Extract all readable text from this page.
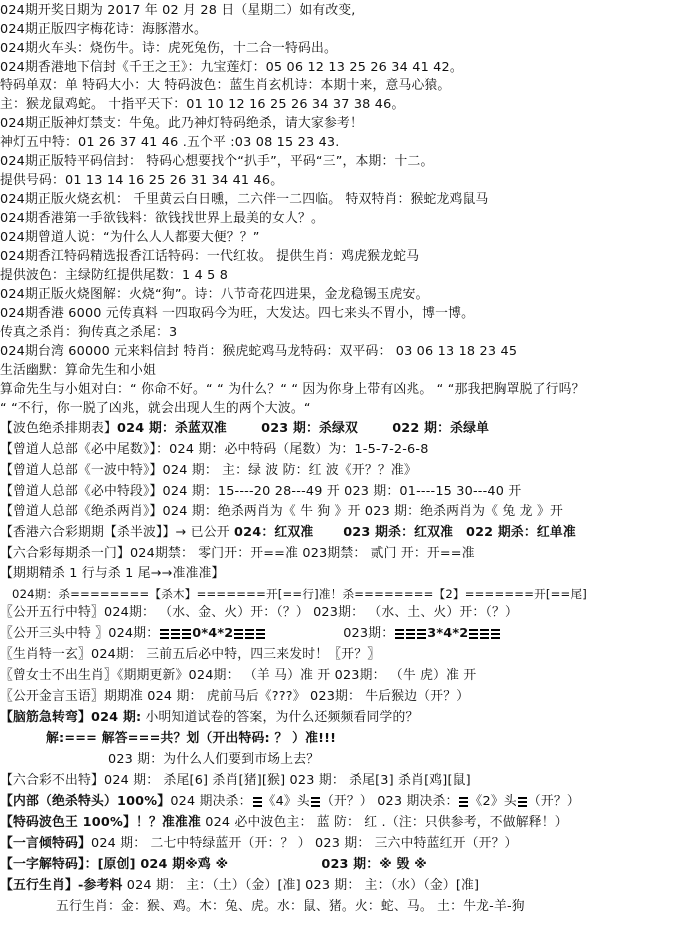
024期开奖日期为 2017 年 02 月 28 日（星期二）如有改变,
024期正版四字梅花诗：海豚潜水。
024期火车头：烧伤牛。诗：虎死兔伤，十二合一特码出。
024期香港地下信封《千王之王》：九宝莲灯：05 06 12 13 25 26 34 41 42。
特码单双：单 特码大小：大 特码波色：蓝生肖玄机诗：本期十来，意马心猿。
主：猴龙鼠鸡蛇。 十指平天下：01 10 12 16 25 26 34 37 38 46。
024期正版神灯禁支：牛兔。此乃神灯特码绝杀，请大家参考！
神灯五中特：01 26 37 41 46 .五个平 :03 08 15 23 43.
024期正版特平码信封： 特码心想要找个“扒手”，平码“三”，本期：十二。
提供号码：01 13 14 16 25 26 31 34 41 46。
024期正版火烧玄机： 千里黄云白日曛，二六伴一二四临。 特双特肖：猴蛇龙鸡鼠马
024期香港第一手欲钱料：欲钱找世界上最美的女人？。
024期曾道人说：“为什么人人都要大便？？”
024期香江特码精选报香江话特码：一代红妆。 提供生肖：鸡虎猴龙蛇马
提供波色：主绿防红提供尾数：1 4 5 8
024期正版火烧图解：火烧“狗”。诗：八节奇花四进果，金龙稳锡玉虎安。
024期香港 6000 元传真料 一四取码今为旺，大发达。四七来头不胃小，博一博。
传真之杀肖：狗传真之杀尾：3
024期台湾 60000 元来料信封 特肖：猴虎蛇鸡马龙特码：双平码： 03 06 13 18 23 45
生活幽默：算命先生和小姐
算命先生与小姐对白：“ 你命不好。“ “ 为什么？“ “ 因为你身上带有凶兆。 “ “那我把胸罩脱了行吗？
“ “不行，你一脱了凶兆，就会出现人生的两个大波。“
【波色绝杀排期表】024 期：杀蓝双准	023 期：杀绿双	022 期：杀绿单
【曾道人总部《必中尾数》】：024 期：必中特码（尾数）为：1-5-7-2-6-8
【曾道人总部《一波中特》】024 期： 主：绿 波 防：红 波《开？？准》
【曾道人总部《必中特段》】024 期：15----20 28---49 开 023 期：01----15 30---40 开
【曾道人总部《绝杀两肖》】024 期：绝杀两肖为《 牛 狗 》开 023 期：绝杀两肖为《 兔 龙 》开
【香港六合彩期期【杀半波】】→ 已公开 024：红双准 023 期杀：红双准 022 期杀：红单准
【六合彩每期杀一门】024期禁： 零门开：开==准 023期禁： 贰门 开：开==准
【期期精杀 1 行与杀 1 尾→→准准准】
024期：杀========【杀木】=======开[==行]准！杀========【2】=======开[==尾]
〖公开五行中特〗024期： （水、金、火）开：（？） 023期： （水、土、火）开：（？）
〖公开三头中特 〗024期：	0*4*2	023期：	3*4*2
〖生肖特一玄〗024期： 三前五后必中特，四三来发时！〖开？〗
〖曾女士不出生肖〗《期期更新》024期： （羊 马）准 开 023期： （牛 虎）准 开
〖公开金言玉语〗期期准 024 期： 虎前马后《???》 023期： 牛后猴边（开？）
【脑筋急转弯】024 期: 小明知道试卷的答案，为什么还频频看同学的？
解:=== 解答===共？划（开出特码: ？ ）准!!!
023 期：为什么人们要到市场上去？
【六合彩不出特】024 期： 杀尾[6] 杀肖[猪][猴] 023 期： 杀尾[3] 杀肖[鸡][鼠]
【内部（绝杀特头）100%】024 期决杀： 《4》头 （开？） 023 期决杀： 《2》头 （开？）
【特码波色王 100%】！？准准准 024 必中波色主： 蓝 防： 红 .（注：只供参考，不做解释！）
【一言倾特码】024 期： 二七中特绿蓝开（开：？ ） 023 期： 三六中特蓝红开（开？）
【一字解特码】：[原创] 024 期※鸡 ※	023 期：※ 毁 ※
【五行生肖】-参考料 024 期： 主：（土）（金）[准] 023 期： 主：（水）（金）[准]
五行生肖：金：猴、鸡。木：兔、虎。水：鼠、猪。火：蛇、马。 土：牛龙-羊-狗
